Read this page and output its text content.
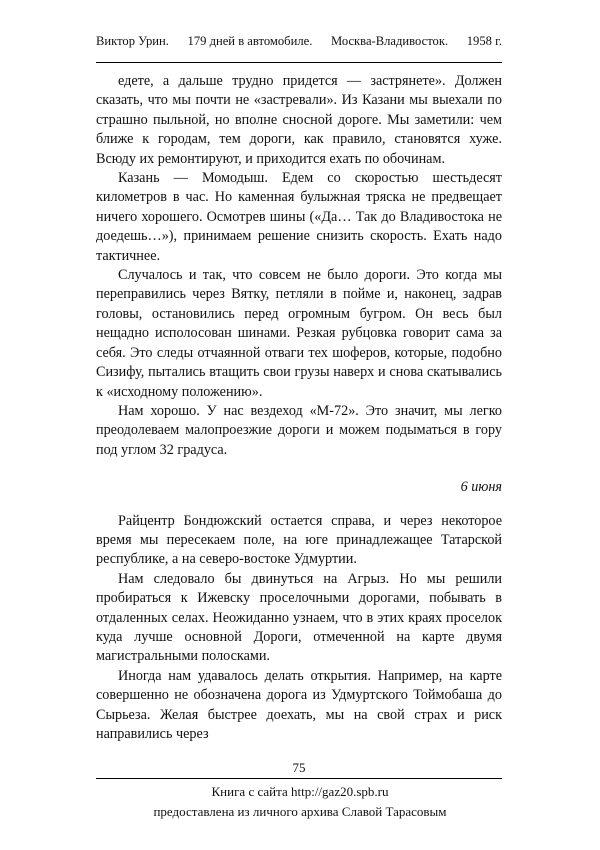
Виктор Урин. 179 дней в автомобиле. Москва-Владивосток. 1958 г.

едете, а дальше трудно придется — застрянете». Должен сказать, что мы почти не «застревали». Из Казани мы выехали по страшно пыльной, но вполне сносной дороге. Мы заметили: чем ближе к городам, тем дороги, как правило, становятся хуже. Всюду их ремонтируют, и приходится ехать по обочинам.

Казань — Момодыш. Едем со скоростью шестьдесят километров в час. Но каменная булыжная тряска не предвещает ничего хорошего. Осмотрев шины («Да… Так до Владивостока не доедешь…»), принимаем решение снизить скорость. Ехать надо тактичнее.

Случалось и так, что совсем не было дороги. Это когда мы переправились через Вятку, петляли в пойме и, наконец, задрав головы, остановились перед огромным бугром. Он весь был нещадно исполосован шинами. Резкая рубцовка говорит сама за себя. Это следы отчаянной отваги тех шоферов, которые, подобно Сизифу, пытались втащить свои грузы наверх и снова скатывались к «исходному положению».

Нам хорошо. У нас вездеход «М-72». Это значит, мы легко преодолеваем малопроезжие дороги и можем подыматься в гору под углом 32 градуса.

6 июня

Райцентр Бондюжский остается справа, и через некоторое время мы пересекаем поле, на юге принадлежащее Татарской республике, а на северо-востоке Удмуртии.

Нам следовало бы двинуться на Агрыз. Но мы решили пробираться к Ижевску проселочными дорогами, побывать в отдаленных селах. Неожиданно узнаем, что в этих краях проселок куда лучше основной Дороги, отмеченной на карте двумя магистральными полосками.

Иногда нам удавалось делать открытия. Например, на карте совершенно не обозначена дорога из Удмуртского Тоймобаша до Сырьеза. Желая быстрее доехать, мы на свой страх и риск направились через

75
Книга с сайта http://gaz20.spb.ru
предоставлена из личного архива Славой Тарасовым
